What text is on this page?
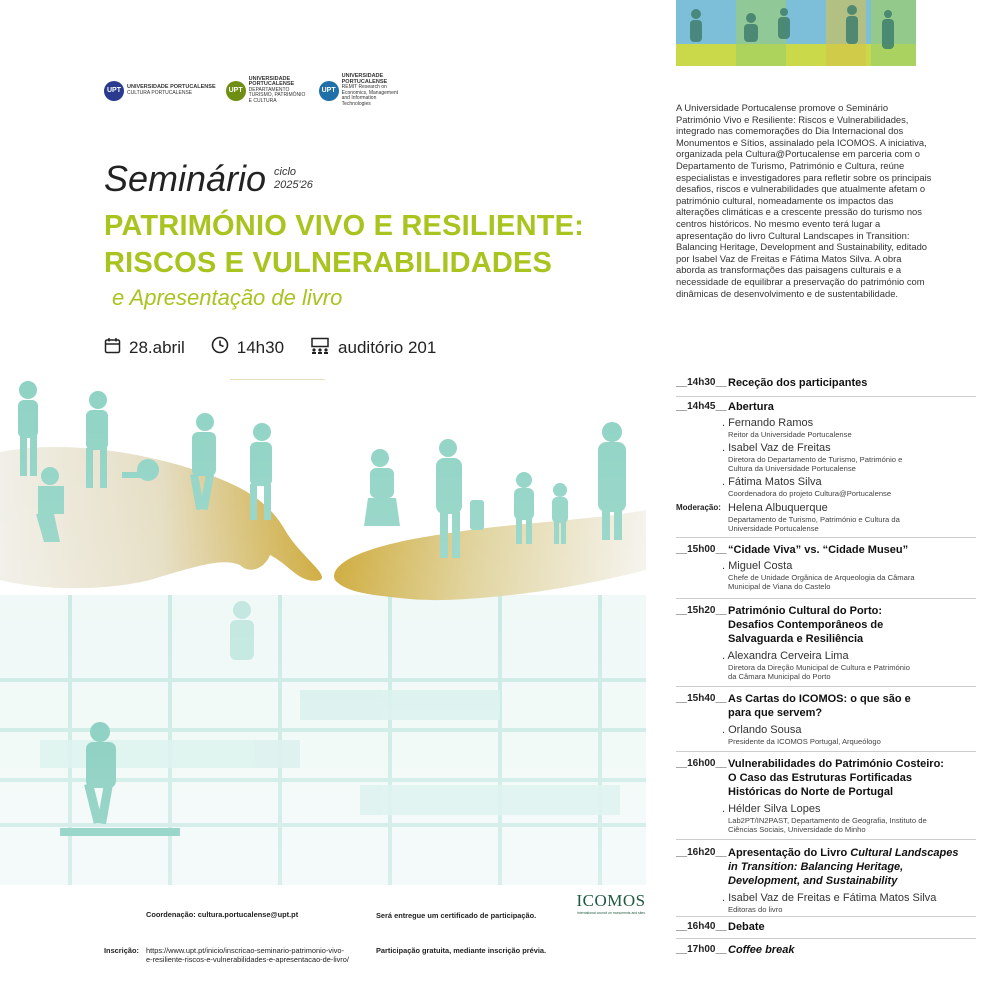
UPT	UNIVERSIDADE PORTUCALENSE
CULTURA PORTUCALENSE	UPT
UNIVERSIDADE PORTUCALENSE
DEPARTAMENTO TURISMO, PATRIMÓNIO E CULTURA
UPT
UNIVERSIDADE PORTUCALENSE
REMIT Research on Economics, Management and Information Technologies
Seminário ciclo
2025'26
PATRIMÓNIO VIVO E RESILIENTE:
RISCOS E VULNERABILIDADES
e Apresentação de livro
28.abril	14h30	auditório 201
A Universidade Portucalense promove o Seminário Património Vivo e Resiliente: Riscos e Vulnerabilidades, integrado nas comemorações do Dia Internacional dos Monumentos e Sítios, assinalado pela ICOMOS. A iniciativa, organizada pela Cultura@Portucalense em parceria com o Departamento de Turismo, Património e Cultura, reúne especialistas e investigadores para refletir sobre os principais desafios, riscos e vulnerabilidades que atualmente afetam o património cultural, nomeadamente os impactos das alterações climáticas e a crescente pressão do turismo nos centros históricos. No mesmo evento terá lugar a apresentação do livro Cultural Landscapes in Transition: Balancing Heritage, Development and Sustainability, editado por Isabel Vaz de Freitas e Fátima Matos Silva. A obra aborda as transformações das paisagens culturais e a necessidade de equilibrar a preservação do património com dinâmicas de desenvolvimento e de sustentabilidade.
__14h30__ Receção dos participantes
__14h45__ Abertura
. Fernando Ramos
Reitor da Universidade Portucalense
. Isabel Vaz de Freitas
Diretora do Departamento de Turismo, Património e
Cultura da Universidade Portucalense
. Fátima Matos Silva
Coordenadora do projeto Cultura@Portucalense
Moderação: Helena Albuquerque
Departamento de Turismo, Património e Cultura da
Universidade Portucalense
__15h00__ “Cidade Viva” vs. “Cidade Museu”
. Miguel Costa
Chefe de Unidade Orgânica de Arqueologia da Câmara
Municipal de Viana do Castelo
__15h20__ Património Cultural do Porto:
Desafios Contemporâneos de
Salvaguarda e Resiliência
. Alexandra Cerveira Lima
Diretora da Direção Municipal de Cultura e Património
da Câmara Municipal do Porto
__15h40__ As Cartas do ICOMOS: o que são e
para que servem?
. Orlando Sousa
Presidente da ICOMOS Portugal, Arqueólogo
__16h00__ Vulnerabilidades do Património Costeiro:
O Caso das Estruturas Fortificadas
Históricas do Norte de Portugal
. Hélder Silva Lopes
Lab2PT/IN2PAST, Departamento de Geografia, Instituto de
Ciências Sociais, Universidade do Minho
__16h20__ Apresentação do Livro Cultural Landscapes
in Transition: Balancing Heritage,
Development, and Sustainability
. Isabel Vaz de Freitas e Fátima Matos Silva
Editoras do livro
__16h40__ Debate
__17h00__ Coffee break
Coordenação: cultura.portucalense@upt.pt	Será entregue um certificado de participação.
Inscrição: https://www.upt.pt/inicio/inscricao-seminario-patrimonio-vivo-
e-resiliente-riscos-e-vulnerabilidades-e-apresentacao-de-livro/
Participação gratuita, mediante inscrição prévia.
ICOMOS
International council on monuments and sites
